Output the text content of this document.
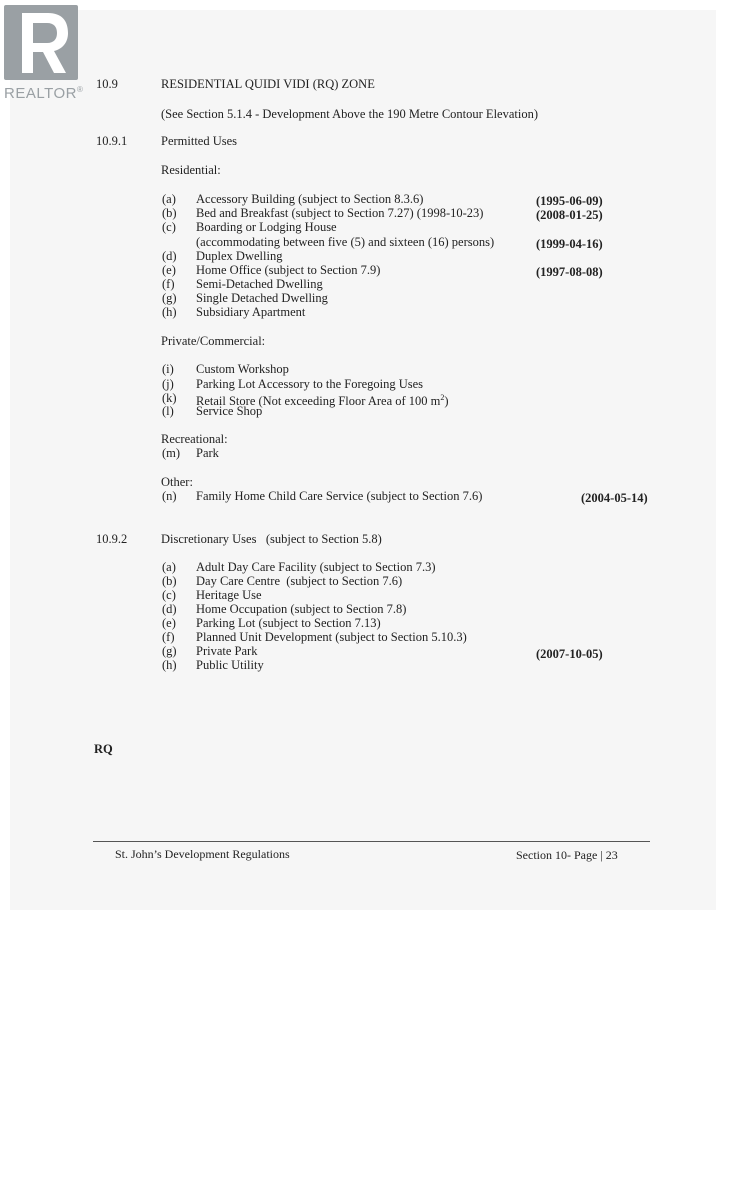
REALTOR® 10.9	RESIDENTIAL QUIDI VIDI (RQ) ZONE
(See Section 5.1.4 - Development Above the 190 Metre Contour Elevation)
10.9.1	Permitted Uses
Residential:
(a) Accessory Building (subject to Section 8.3.6)	(1995-06-09)
(b) Bed and Breakfast (subject to Section 7.27) (1998-10-23)	(2008-01-25)
(c) Boarding or Lodging House
(accommodating between five (5) and sixteen (16) persons)	(1999-04-16)
(d) Duplex Dwelling
(e) Home Office (subject to Section 7.9)	(1997-08-08)
(f) Semi-Detached Dwelling
(g) Single Detached Dwelling
(h) Subsidiary Apartment
Private/Commercial:
(i) Custom Workshop
(j) Parking Lot Accessory to the Foregoing Uses
(k) Retail Store (Not exceeding Floor Area of 100 $m^2$)
(l) Service Shop
Recreational:
(m) Park
Other:
(n) Family Home Child Care Service (subject to Section 7.6)	(2004-05-14)
10.9.2	Discretionary Uses   (subject to Section 5.8)
(a) Adult Day Care Facility (subject to Section 7.3)
(b) Day Care Centre  (subject to Section 7.6)
(c) Heritage Use
(d) Home Occupation (subject to Section 7.8)
(e) Parking Lot (subject to Section 7.13)
(f) Planned Unit Development (subject to Section 5.10.3)
(g) Private Park	(2007-10-05)
(h) Public Utility
RQ
St. John’s Development Regulations	Section 10- Page | 23
